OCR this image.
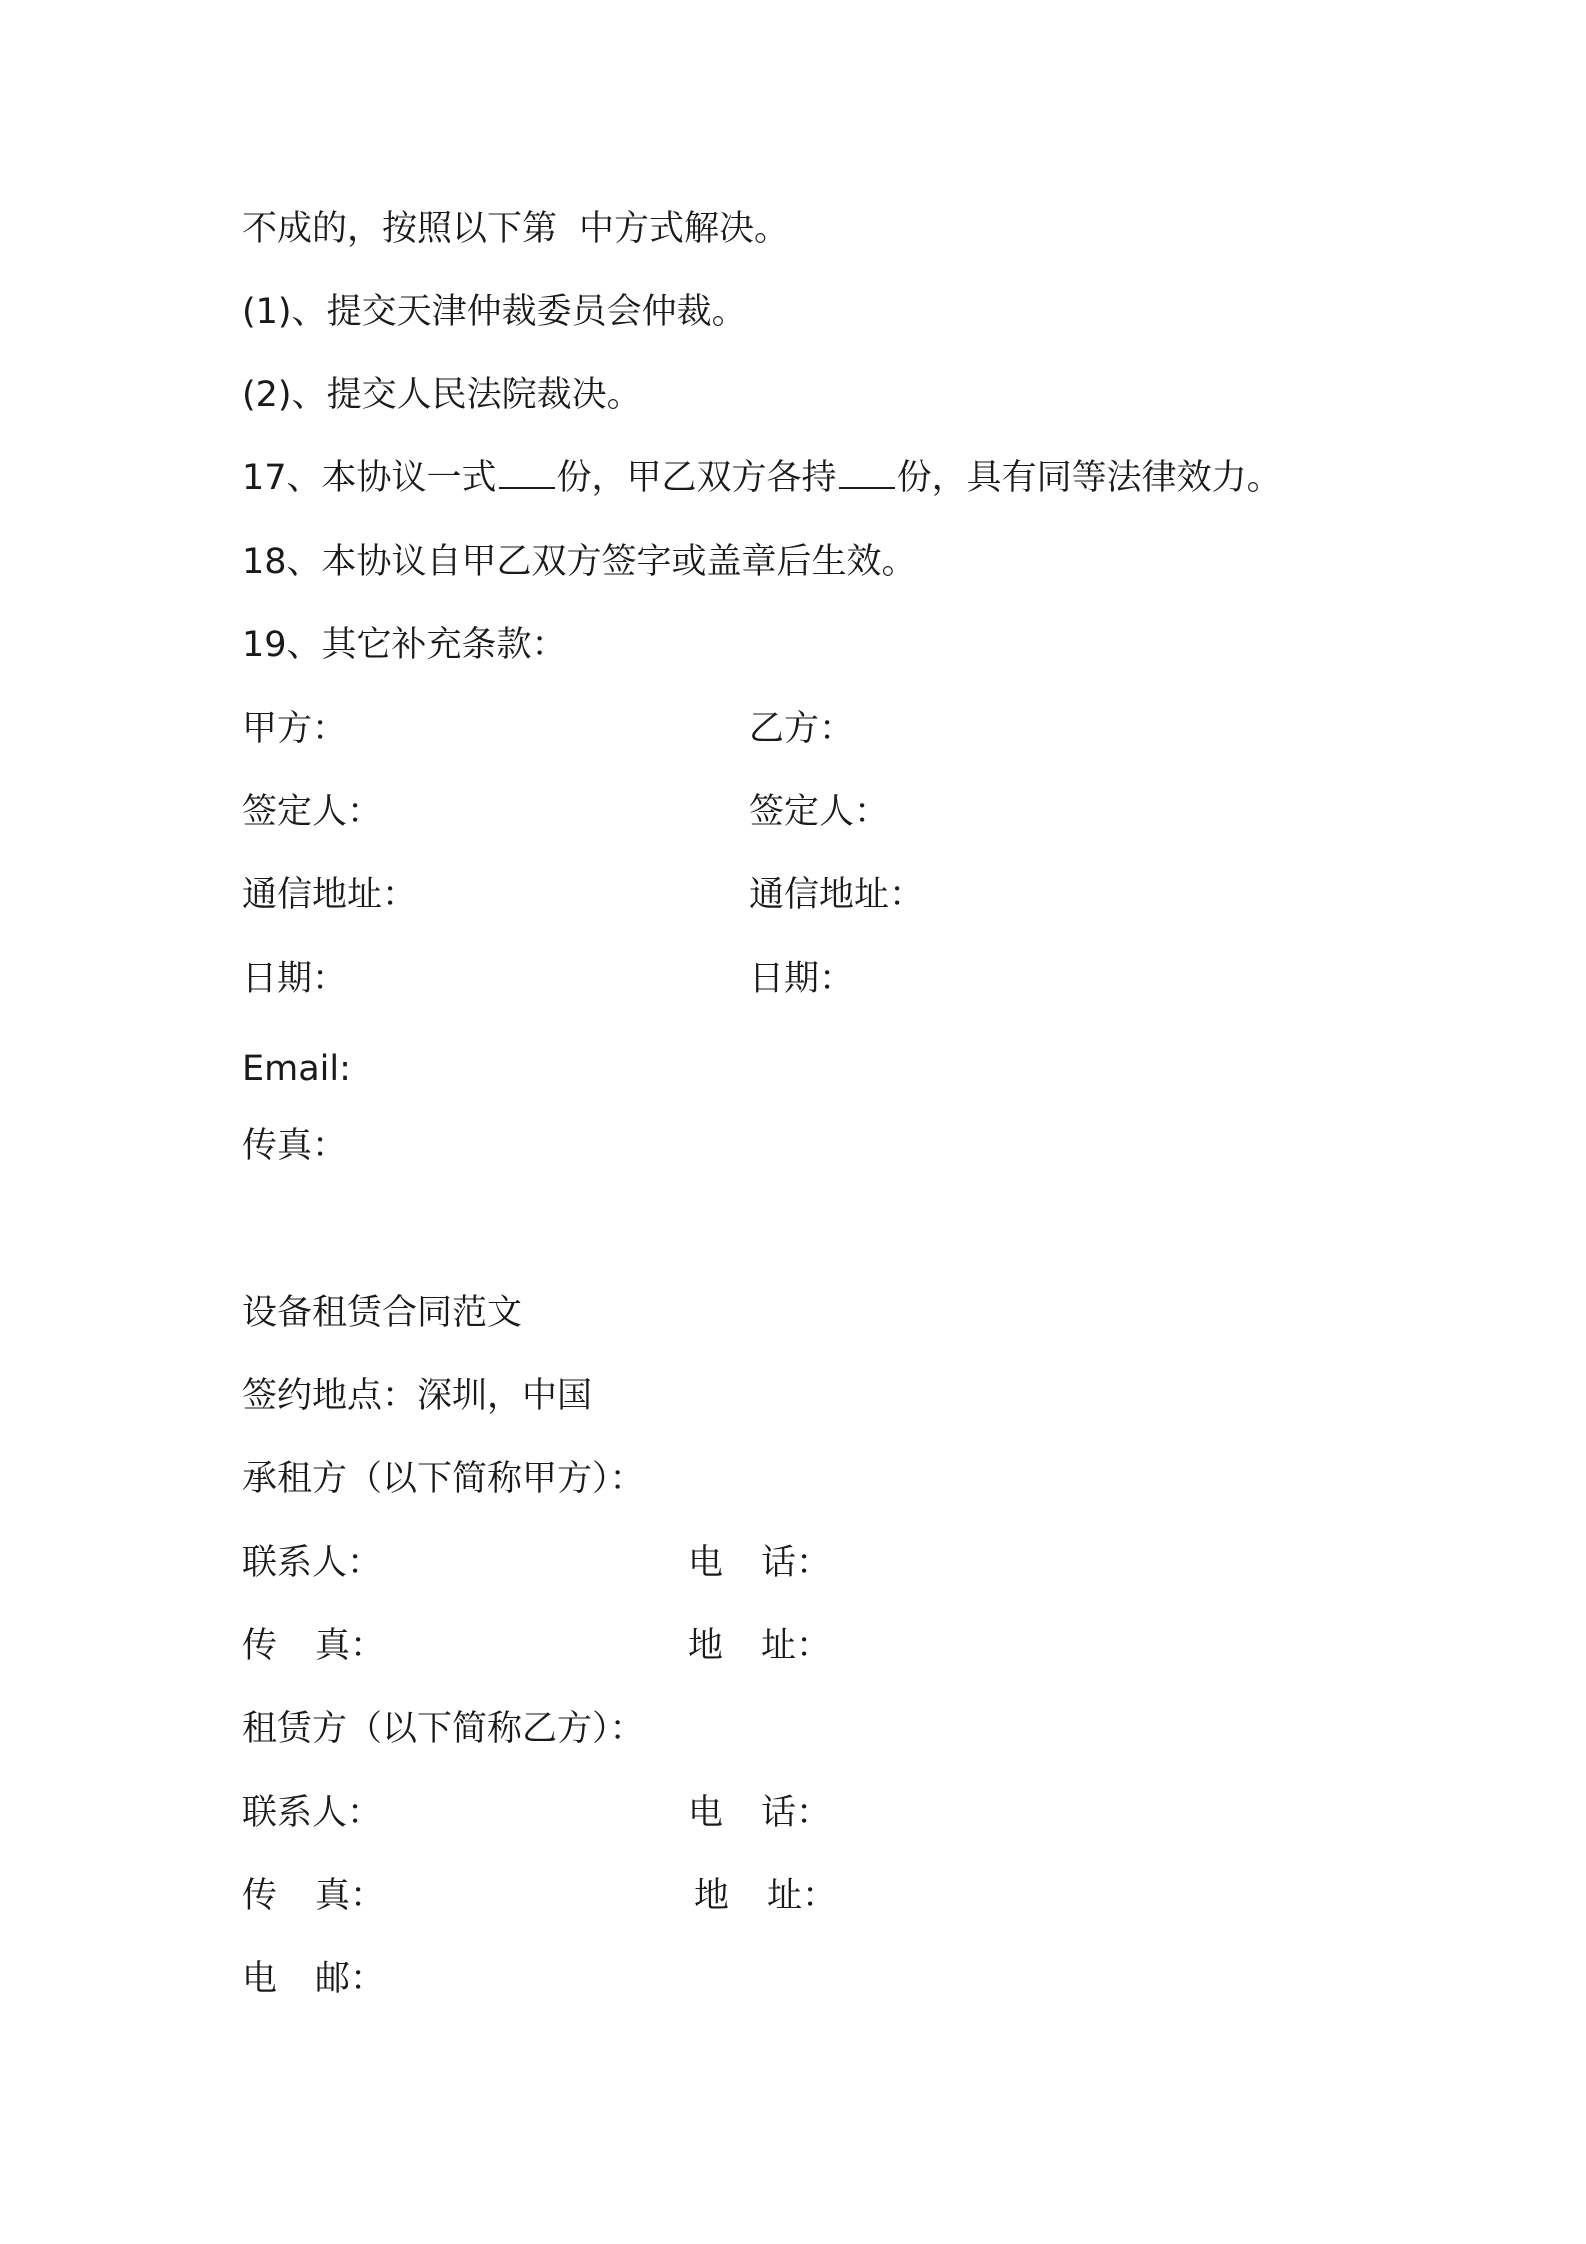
不成的，按照以下第 中方式解决。
(1)、提交天津仲裁委员会仲裁。
(2)、提交人民法院裁决。
17、本协议一式 份，甲乙双方各持 份，具有同等法律效力。
18、本协议自甲乙双方签字或盖章后生效。
19、其它补充条款：
甲方：	乙方：
签定人：	签定人：
通信地址：	通信地址：
日期：	日期：
Email:
传真：
设备租赁合同范文
签约地点：深圳，中国
承租方（以下简称甲方）：
联系人：	电 话：
传 真：	地 址：
租赁方（以下简称乙方）：
联系人：	电 话：
传 真：	地 址：
电 邮：
